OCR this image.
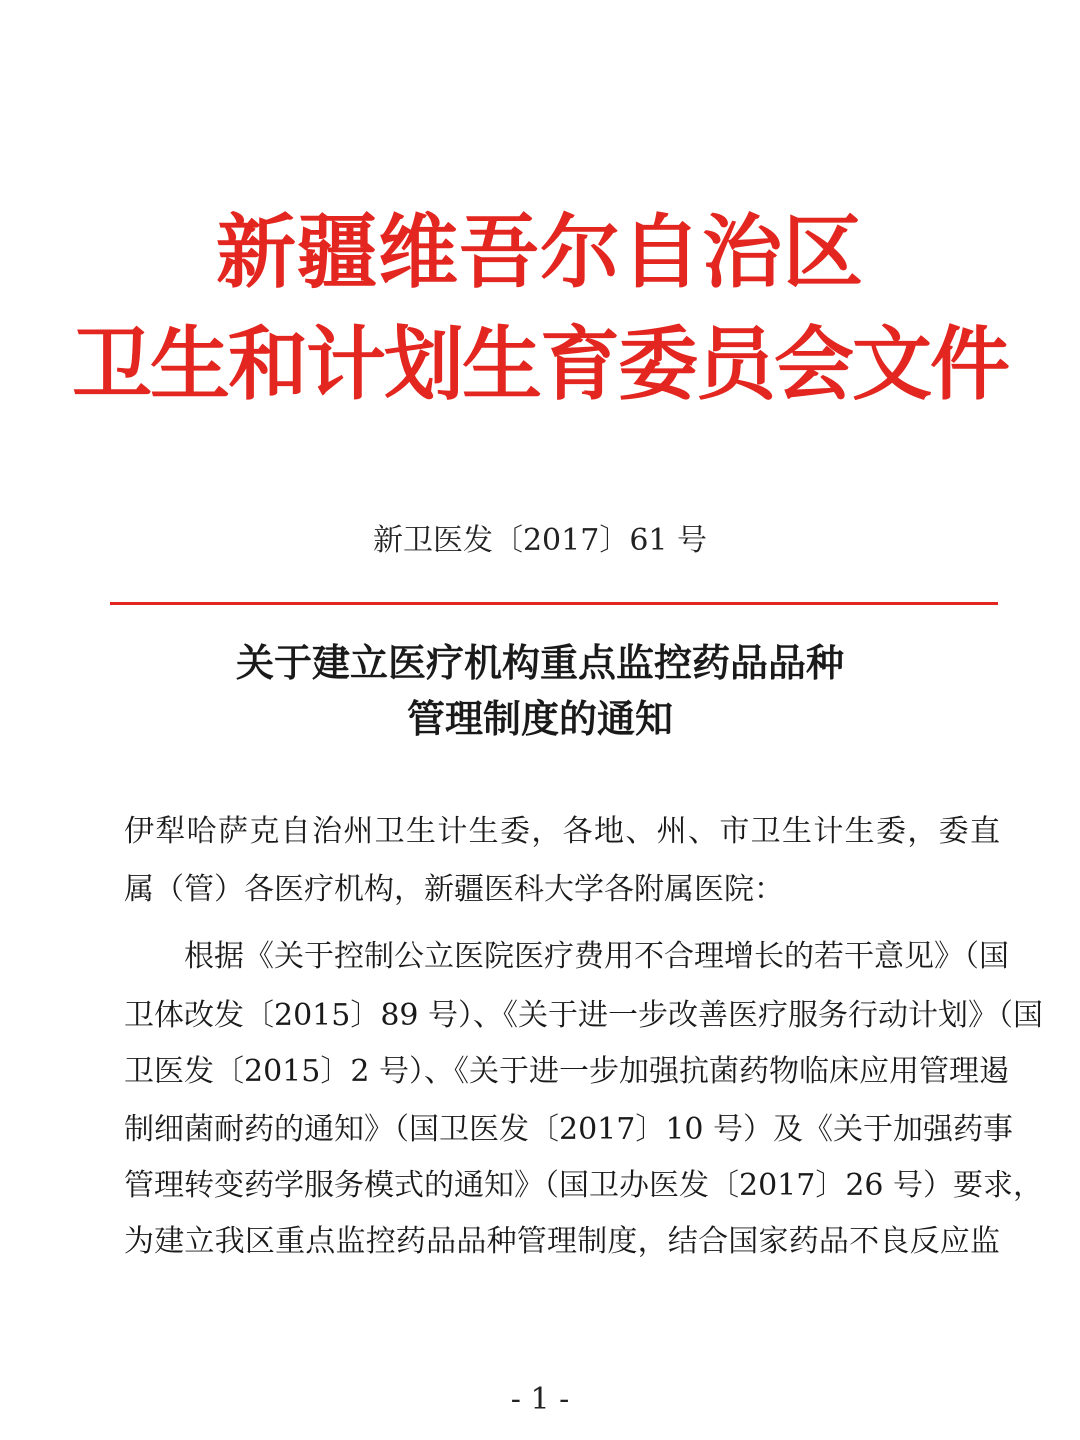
新疆维吾尔自治区
卫生和计划生育委员会文件
新卫医发〔2017〕61 号
关于建立医疗机构重点监控药品品种
管理制度的通知
伊犁哈萨克自治州卫生计生委，各地、州、市卫生计生委，委直
属（管）各医疗机构，新疆医科大学各附属医院：
根据《关于控制公立医院医疗费用不合理增长的若干意见》（国
卫体改发〔2015〕89 号）、《关于进一步改善医疗服务行动计划》（国
卫医发〔2015〕2 号）、《关于进一步加强抗菌药物临床应用管理遏
制细菌耐药的通知》（国卫医发〔2017〕10 号）及《关于加强药事
管理转变药学服务模式的通知》（国卫办医发〔2017〕26 号）要求，
为建立我区重点监控药品品种管理制度，结合国家药品不良反应监
- 1 -
